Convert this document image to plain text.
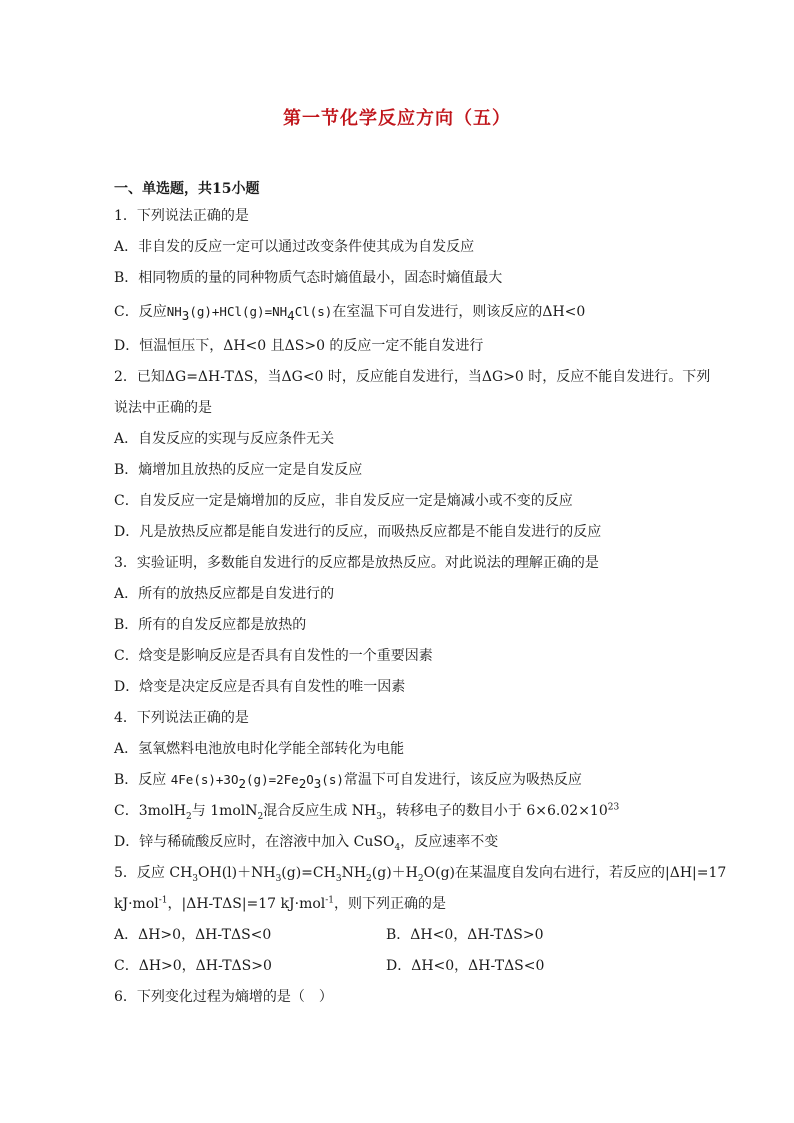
第一节化学反应方向（五）
一、单选题，共15小题
1．下列说法正确的是
A．非自发的反应一定可以通过改变条件使其成为自发反应
B．相同物质的量的同种物质气态时熵值最小，固态时熵值最大
C．反应$NH_3(g)+HCl(g)=NH_4Cl(s)$在室温下可自发进行，则该反应的ΔH<0
D．恒温恒压下，ΔH<0 且ΔS>0 的反应一定不能自发进行
2．已知ΔG=ΔH-TΔS，当ΔG<0 时，反应能自发进行，当ΔG>0 时，反应不能自发进行。下列
说法中正确的是
A．自发反应的实现与反应条件无关
B．熵增加且放热的反应一定是自发反应
C．自发反应一定是熵增加的反应，非自发反应一定是熵减小或不变的反应
D．凡是放热反应都是能自发进行的反应，而吸热反应都是不能自发进行的反应
3．实验证明，多数能自发进行的反应都是放热反应。对此说法的理解正确的是
A．所有的放热反应都是自发进行的
B．所有的自发反应都是放热的
C．焓变是影响反应是否具有自发性的一个重要因素
D．焓变是决定反应是否具有自发性的唯一因素
4．下列说法正确的是
A．氢氧燃料电池放电时化学能全部转化为电能
B．反应 $4Fe(s)+3O_2(g)=2Fe_2O_3(s)$常温下可自发进行，该反应为吸热反应
C．3molH$_2$与 1molN$_2$混合反应生成 $NH_3$，转移电子的数目小于 $6\times 6.02\times 10^{23}$
D．锌与稀硫酸反应时，在溶液中加入 CuSO$_4$，反应速率不变
5．反应 $CH_3OH(l)+NH_3(g)=CH_3NH_2(g)+H_2O(g)$在某温度自发向右进行，若反应的|ΔH|=17
kJ·mol$^{-1}$，|ΔH-TΔS|=17 kJ·mol$^{-1}$，则下列正确的是
A．ΔH>0，ΔH-TΔS<0	B．ΔH<0，ΔH-TΔS>0
C．ΔH>0，ΔH-TΔS>0	D．ΔH<0，ΔH-TΔS<0
6．下列变化过程为熵增的是（　）
